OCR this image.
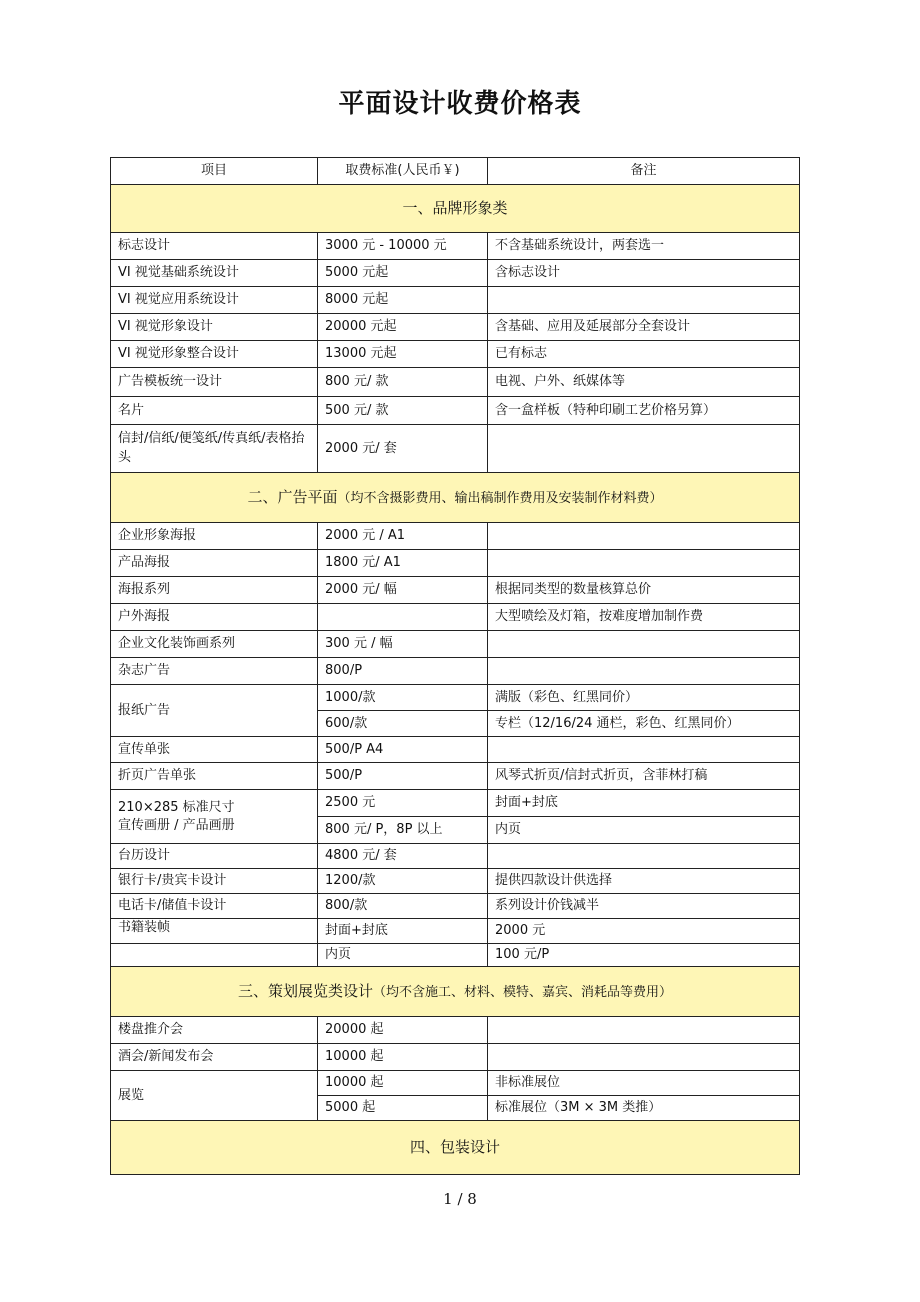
平面设计收费价格表
项目	取费标准(人民币￥)	备注
一、品牌形象类		
标志设计	3000 元 - 10000 元	不含基础系统设计，两套选一
VI 视觉基础系统设计	5000 元起	含标志设计
VI 视觉应用系统设计	8000 元起	
VI 视觉形象设计	20000 元起	含基础、应用及延展部分全套设计
VI 视觉形象整合设计	13000 元起	已有标志
广告模板统一设计	800 元/ 款	电视、户外、纸媒体等
名片	500 元/ 款	含一盒样板（特种印刷工艺价格另算）
信封/信纸/便笺纸/传真纸/表格抬头	2000 元/ 套	
二、广告平面（均不含摄影费用、输出稿制作费用及安装制作材料费）		
企业形象海报	2000 元 / A1	
产品海报	1800 元/ A1	
海报系列	2000 元/ 幅	根据同类型的数量核算总价
户外海报		大型喷绘及灯箱，按难度增加制作费
企业文化装饰画系列	300 元 / 幅	
杂志广告	800/P	
报纸广告	1000/款	满版（彩色、红黑同价）
	600/款	专栏（12/16/24 通栏，彩色、红黑同价）
宣传单张	500/P A4	
折页广告单张	500/P	风琴式折页/信封式折页，含菲林打稿

210×285 标准尺寸
宣传画册 / 产品画册	2500 元	封面+封底
	800 元/ P，8P 以上	内页
台历设计	4800 元/ 套	
银行卡/贵宾卡设计	1200/款	提供四款设计供选择
电话卡/储值卡设计	800/款	系列设计价钱减半
书籍装帧	封面+封底	2000 元
	内页	100 元/P
三、策划展览类设计（均不含施工、材料、模特、嘉宾、消耗品等费用）		
楼盘推介会	20000 起	
酒会/新闻发布会	10000 起	
展览	10000 起	非标准展位
	5000 起	标准展位（3M × 3M 类推）
四、包装设计		
1 / 8
